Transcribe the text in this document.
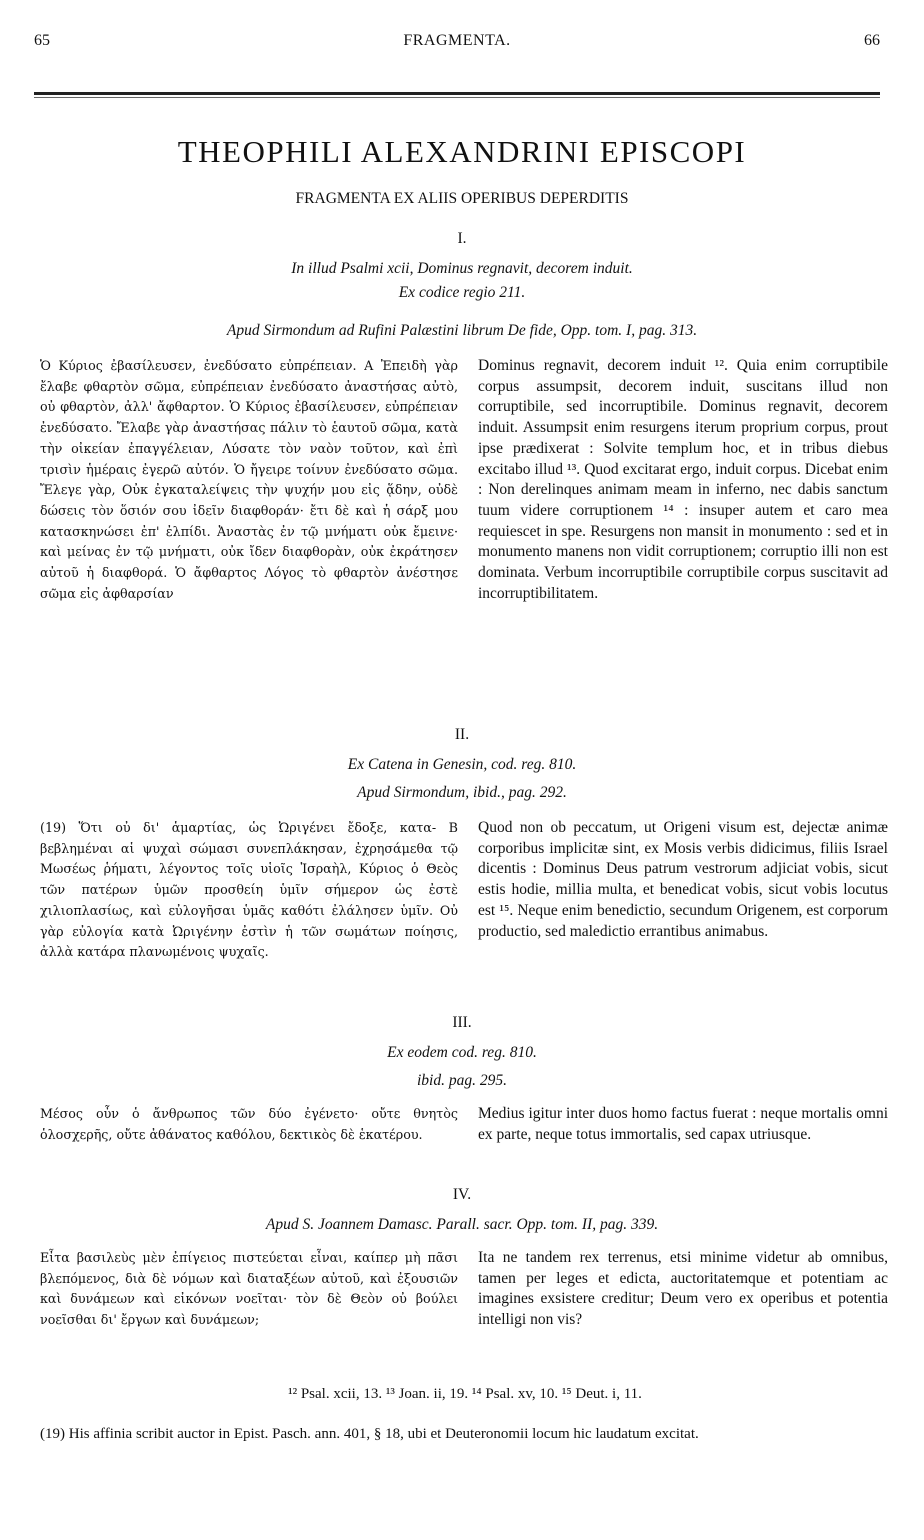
65	FRAGMENTA.	66
THEOPHILI ALEXANDRINI EPISCOPI
FRAGMENTA EX ALIIS OPERIBUS DEPERDITIS
I.
In illud Psalmi xcii, Dominus regnavit, decorem induit.
Ex codice regio 211.
Apud Sirmondum ad Rufini Palæstini librum De fide, Opp. tom. I, pag. 313.
Ὁ Κύριος ἐβασίλευσεν, ἐνεδύσατο εὐπρέπειαν. A Ἐπειδὴ γὰρ ἔλαβε φθαρτὸν σῶμα, εὐπρέπειαν ἐνεδύσατο ἀναστήσας αὐτὸ, οὐ φθαρτὸν, ἀλλ' ἄφθαρτον. Ὁ Κύριος ἐβασίλευσεν, εὐπρέπειαν ἐνεδύσατο. Ἔλαβε γὰρ ἀναστήσας πάλιν τὸ ἑαυτοῦ σῶμα, κατὰ τὴν οἰκείαν ἐπαγγέλειαν, Λύσατε τὸν ναὸν τοῦτον, καὶ ἐπὶ τρισὶν ἡμέραις ἐγερῶ αὐτόν. Ὁ ἤγειρε τοίνυν ἐνεδύσατο σῶμα. Ἔλεγε γὰρ, Οὐκ ἐγκαταλείψεις τὴν ψυχήν μου εἰς ᾅδην, οὐδὲ δώσεις τὸν ὅσιόν σου ἰδεῖν διαφθοράν· ἔτι δὲ καὶ ἡ σάρξ μου κατασκηνώσει ἐπ' ἐλπίδι. Ἀναστὰς ἐν τῷ μνήματι οὐκ ἔμεινε· καὶ μείνας ἐν τῷ μνήματι, οὐκ ἴδεν διαφθορὰν, οὐκ ἐκράτησεν αὐτοῦ ἡ διαφθορά. Ὁ ἄφθαρτος Λόγος τὸ φθαρτὸν ἀνέστησε σῶμα εἰς ἀφθαρσίαν
Dominus regnavit, decorem induit ¹². Quia enim corruptibile corpus assumpsit, decorem induit, suscitans illud non corruptibile, sed incorruptibile. Dominus regnavit, decorem induit. Assumpsit enim resurgens iterum proprium corpus, prout ipse prædixerat : Solvite templum hoc, et in tribus diebus excitabo illud ¹³. Quod excitarat ergo, induit corpus. Dicebat enim : Non derelinques animam meam in inferno, nec dabis sanctum tuum videre corruptionem ¹⁴ : insuper autem et caro mea requiescet in spe. Resurgens non mansit in monumento : sed et in monumento manens non vidit corruptionem; corruptio illi non est dominata. Verbum incorruptibile corruptibile corpus suscitavit ad incorruptibilitatem.
II.
Ex Catena in Genesin, cod. reg. 810.
Apud Sirmondum, ibid., pag. 292.
(19) Ὅτι οὐ δι' ἁμαρτίας, ὡς Ὠριγένει ἔδοξε, κατα- B βεβλημέναι αἱ ψυχαὶ σώμασι συνεπλάκησαν, ἐχρησάμεθα τῷ Μωσέως ῥήματι, λέγοντος τοῖς υἱοῖς Ἰσραὴλ, Κύριος ὁ Θεὸς τῶν πατέρων ὑμῶν προσθείη ὑμῖν σήμερον ὡς ἐστὲ χιλιοπλασίως, καὶ εὐλογῆσαι ὑμᾶς καθότι ἐλάλησεν ὑμῖν. Οὐ γὰρ εὐλογία κατὰ Ὠριγένην ἐστὶν ἡ τῶν σωμάτων ποίησις, ἀλλὰ κατάρα πλανωμένοις ψυχαῖς.
Quod non ob peccatum, ut Origeni visum est, dejectæ animæ corporibus implicitæ sint, ex Mosis verbis didicimus, filiis Israel dicentis : Dominus Deus patrum vestrorum adjiciat vobis, sicut estis hodie, millia multa, et benedicat vobis, sicut vobis locutus est ¹⁵. Neque enim benedictio, secundum Origenem, est corporum productio, sed maledictio errantibus animabus.
III.
Ex eodem cod. reg. 810.
ibid. pag. 295.
Μέσος οὖν ὁ ἄνθρωπος τῶν δύο ἐγένετο· οὔτε θνητὸς ὁλοσχερῆς, οὔτε ἀθάνατος καθόλου, δεκτικὸς δὲ ἑκατέρου.
Medius igitur inter duos homo factus fuerat : neque mortalis omni ex parte, neque totus immortalis, sed capax utriusque.
IV.
Apud S. Joannem Damasc. Parall. sacr. Opp. tom. II, pag. 339.
Εἶτα βασιλεὺς μὲν ἐπίγειος πιστεύεται εἶναι, καίπερ μὴ πᾶσι βλεπόμενος, διὰ δὲ νόμων καὶ διαταξέων αὐτοῦ, καὶ ἐξουσιῶν καὶ δυνάμεων καὶ εἰκόνων νοεῖται· τὸν δὲ Θεὸν οὐ βούλει νοεῖσθαι δι' ἔργων καὶ δυνάμεων;
Ita ne tandem rex terrenus, etsi minime videtur ab omnibus, tamen per leges et edicta, auctoritatemque et potentiam ac imagines exsistere creditur; Deum vero ex operibus et potentia intelligi non vis?
¹² Psal. xcii, 13. ¹³ Joan. ii, 19. ¹⁴ Psal. xv, 10. ¹⁵ Deut. i, 11.
(19) His affinia scribit auctor in Epist. Pasch. ann. 401, § 18, ubi et Deuteronomii locum hic laudatum excitat.
